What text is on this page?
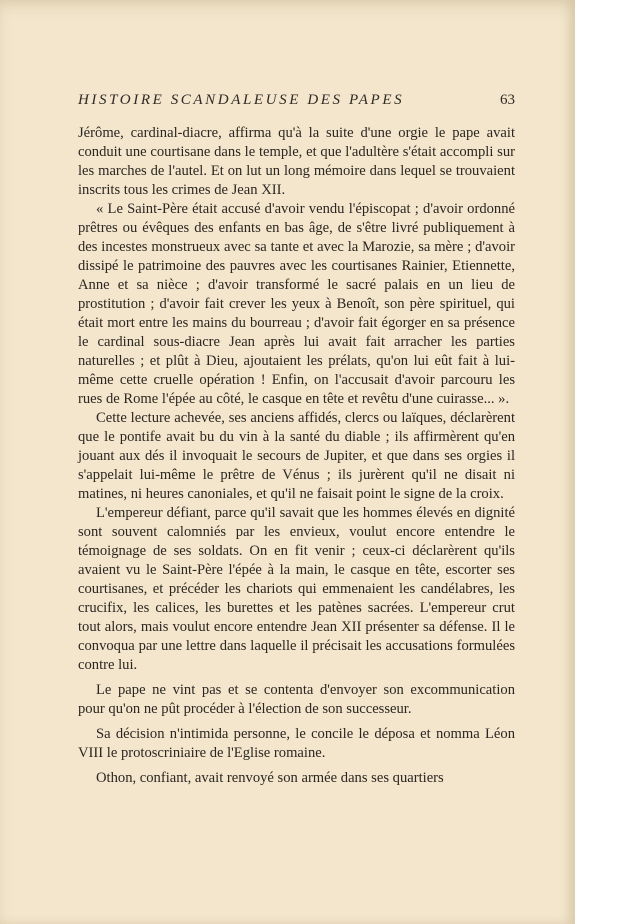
HISTOIRE SCANDALEUSE DES PAPES	63

Jérôme, cardinal-diacre, affirma qu'à la suite d'une orgie le pape avait conduit une courtisane dans le temple, et que l'adultère s'était accompli sur les marches de l'autel. Et on lut un long mémoire dans lequel se trouvaient inscrits tous les crimes de Jean XII.

« Le Saint-Père était accusé d'avoir vendu l'épiscopat ; d'avoir ordonné prêtres ou évêques des enfants en bas âge, de s'être livré publiquement à des incestes monstrueux avec sa tante et avec la Marozie, sa mère ; d'avoir dissipé le patrimoine des pauvres avec les courtisanes Rainier, Etiennette, Anne et sa nièce ; d'avoir transformé le sacré palais en un lieu de prostitution ; d'avoir fait crever les yeux à Benoît, son père spirituel, qui était mort entre les mains du bourreau ; d'avoir fait égorger en sa présence le cardinal sous-diacre Jean après lui avait fait arracher les parties naturelles ; et plût à Dieu, ajoutaient les prélats, qu'on lui eût fait à lui-même cette cruelle opération ! Enfin, on l'accusait d'avoir parcouru les rues de Rome l'épée au côté, le casque en tête et revêtu d'une cuirasse... ».

Cette lecture achevée, ses anciens affidés, clercs ou laïques, déclarèrent que le pontife avait bu du vin à la santé du diable ; ils affirmèrent qu'en jouant aux dés il invoquait le secours de Jupiter, et que dans ses orgies il s'appelait lui-même le prêtre de Vénus ; ils jurèrent qu'il ne disait ni matines, ni heures canoniales, et qu'il ne faisait point le signe de la croix.

L'empereur défiant, parce qu'il savait que les hommes élevés en dignité sont souvent calomniés par les envieux, voulut encore entendre le témoignage de ses soldats. On en fit venir ; ceux-ci déclarèrent qu'ils avaient vu le Saint-Père l'épée à la main, le casque en tête, escorter ses courtisanes, et précéder les chariots qui emmenaient les candélabres, les crucifix, les calices, les burettes et les patènes sacrées. L'empereur crut tout alors, mais voulut encore entendre Jean XII présenter sa défense. Il le convoqua par une lettre dans laquelle il précisait les accusations formulées contre lui.

Le pape ne vint pas et se contenta d'envoyer son excommunication pour qu'on ne pût procéder à l'élection de son successeur.

Sa décision n'intimida personne, le concile le déposa et nomma Léon VIII le protoscriniaire de l'Eglise romaine.

Othon, confiant, avait renvoyé son armée dans ses quartiers
